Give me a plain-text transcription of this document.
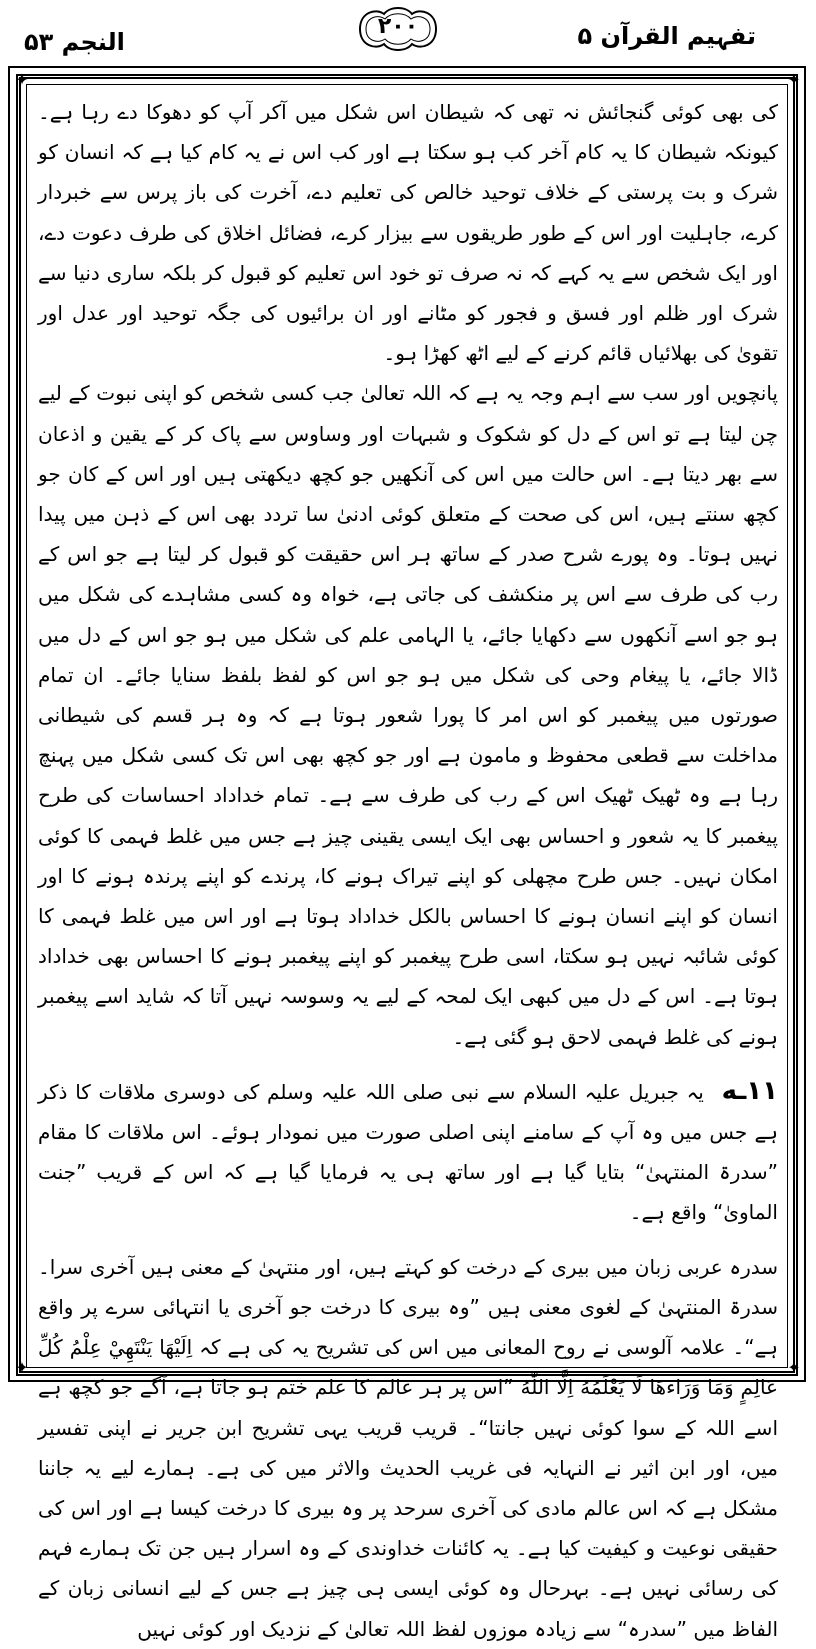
تفہیم القرآن ۵
۲۰۰
النجم ۵۳
✦	✦
✦	✦

کی بھی کوئی گنجائش نہ تھی کہ شیطان اس شکل میں آکر آپ کو دھوکا دے رہا ہے۔ کیونکہ شیطان کا یہ کام آخر کب ہو سکتا ہے اور کب اس نے یہ کام کیا ہے کہ انسان کو شرک و بت پرستی کے خلاف توحید خالص کی تعلیم دے، آخرت کی باز پرس سے خبردار کرے، جاہلیت اور اس کے طور طریقوں سے بیزار کرے، فضائل اخلاق کی طرف دعوت دے، اور ایک شخص سے یہ کہے کہ نہ صرف تو خود اس تعلیم کو قبول کر بلکہ ساری دنیا سے شرک اور ظلم اور فسق و فجور کو مٹانے اور ان برائیوں کی جگہ توحید اور عدل اور تقویٰ کی بھلائیاں قائم کرنے کے لیے اٹھ کھڑا ہو۔

پانچویں اور سب سے اہم وجہ یہ ہے کہ اللہ تعالیٰ جب کسی شخص کو اپنی نبوت کے لیے چن لیتا ہے تو اس کے دل کو شکوک و شبہات اور وساوس سے پاک کر کے یقین و اذعان سے بھر دیتا ہے۔ اس حالت میں اس کی آنکھیں جو کچھ دیکھتی ہیں اور اس کے کان جو کچھ سنتے ہیں، اس کی صحت کے متعلق کوئی ادنیٰ سا تردد بھی اس کے ذہن میں پیدا نہیں ہوتا۔ وہ پورے شرح صدر کے ساتھ ہر اس حقیقت کو قبول کر لیتا ہے جو اس کے رب کی طرف سے اس پر منکشف کی جاتی ہے، خواہ وہ کسی مشاہدے کی شکل میں ہو جو اسے آنکھوں سے دکھایا جائے، یا الہامی علم کی شکل میں ہو جو اس کے دل میں ڈالا جائے، یا پیغام وحی کی شکل میں ہو جو اس کو لفظ بلفظ سنایا جائے۔ ان تمام صورتوں میں پیغمبر کو اس امر کا پورا شعور ہوتا ہے کہ وہ ہر قسم کی شیطانی مداخلت سے قطعی محفوظ و مامون ہے اور جو کچھ بھی اس تک کسی شکل میں پہنچ رہا ہے وہ ٹھیک ٹھیک اس کے رب کی طرف سے ہے۔ تمام خداداد احساسات کی طرح پیغمبر کا یہ شعور و احساس بھی ایک ایسی یقینی چیز ہے جس میں غلط فہمی کا کوئی امکان نہیں۔ جس طرح مچھلی کو اپنے تیراک ہونے کا، پرندے کو اپنے پرندہ ہونے کا اور انسان کو اپنے انسان ہونے کا احساس بالکل خداداد ہوتا ہے اور اس میں غلط فہمی کا کوئی شائبہ نہیں ہو سکتا، اسی طرح پیغمبر کو اپنے پیغمبر ہونے کا احساس بھی خداداد ہوتا ہے۔ اس کے دل میں کبھی ایک لمحہ کے لیے یہ وسوسہ نہیں آتا کہ شاید اسے پیغمبر ہونے کی غلط فہمی لاحق ہو گئی ہے۔

۱۱ـه یہ جبریل علیہ السلام سے نبی صلی اللہ علیہ وسلم کی دوسری ملاقات کا ذکر ہے جس میں وہ آپ کے سامنے اپنی اصلی صورت میں نمودار ہوئے۔ اس ملاقات کا مقام ”سدرۃ المنتہیٰ“ بتایا گیا ہے اور ساتھ ہی یہ فرمایا گیا ہے کہ اس کے قریب ”جنت الماویٰ“ واقع ہے۔

سدرہ عربی زبان میں بیری کے درخت کو کہتے ہیں، اور منتہیٰ کے معنی ہیں آخری سرا۔ سدرۃ المنتہیٰ کے لغوی معنی ہیں ”وہ بیری کا درخت جو آخری یا انتہائی سرے پر واقع ہے“۔ علامہ آلوسی نے روح المعانی میں اس کی تشریح یہ کی ہے کہ اِلَيْهَا يَنْتَهِيْ عِلْمُ كُلِّ عَالِمٍ وَمَا وَرَاءَهَا لَا يَعْلَمُهُ اِلَّا اللّٰهُ ”اس پر ہر عالم کا علم ختم ہو جاتا ہے، آگے جو کچھ ہے اسے اللہ کے سوا کوئی نہیں جانتا“۔ قریب قریب یہی تشریح ابن جریر نے اپنی تفسیر میں، اور ابن اثیر نے النہایہ فی غریب الحدیث والاثر میں کی ہے۔ ہمارے لیے یہ جاننا مشکل ہے کہ اس عالم مادی کی آخری سرحد پر وہ بیری کا درخت کیسا ہے اور اس کی حقیقی نوعیت و کیفیت کیا ہے۔ یہ کائنات خداوندی کے وہ اسرار ہیں جن تک ہمارے فہم کی رسائی نہیں ہے۔ بہرحال وہ کوئی ایسی ہی چیز ہے جس کے لیے انسانی زبان کے الفاظ میں ”سدرہ“ سے زیادہ موزوں لفظ اللہ تعالیٰ کے نزدیک اور کوئی نہیں
